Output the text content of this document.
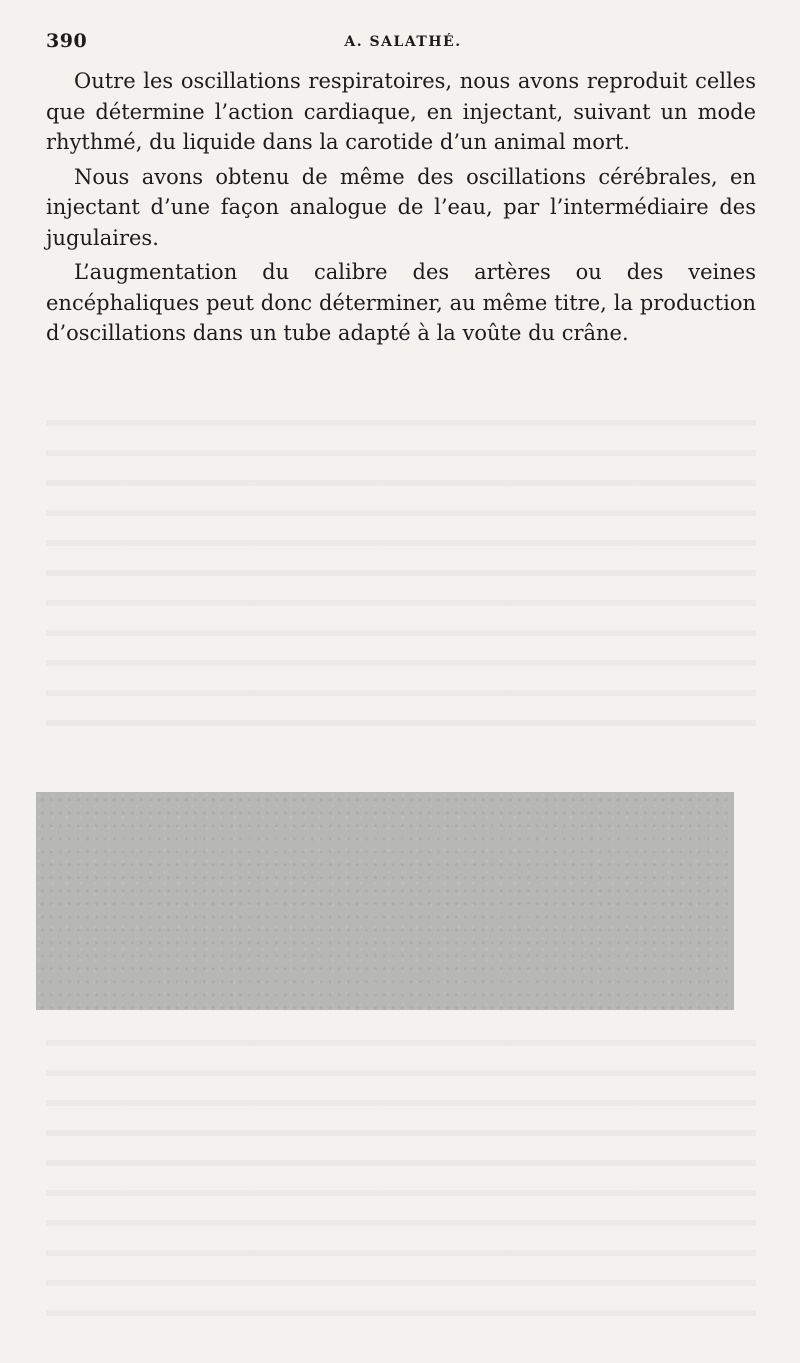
390	A. SALATHÉ.

Outre les oscillations respiratoires, nous avons reproduit celles que détermine l’action cardiaque, en injectant, suivant un mode rhythmé, du liquide dans la carotide d’un animal mort.

Nous avons obtenu de même des oscillations cérébrales, en injectant d’une façon analogue de l’eau, par l’intermédiaire des jugulaires.

L’augmentation du calibre des artères ou des veines encéphaliques peut donc déterminer, au même titre, la production d’oscillations dans un tube adapté à la voûte du crâne.
